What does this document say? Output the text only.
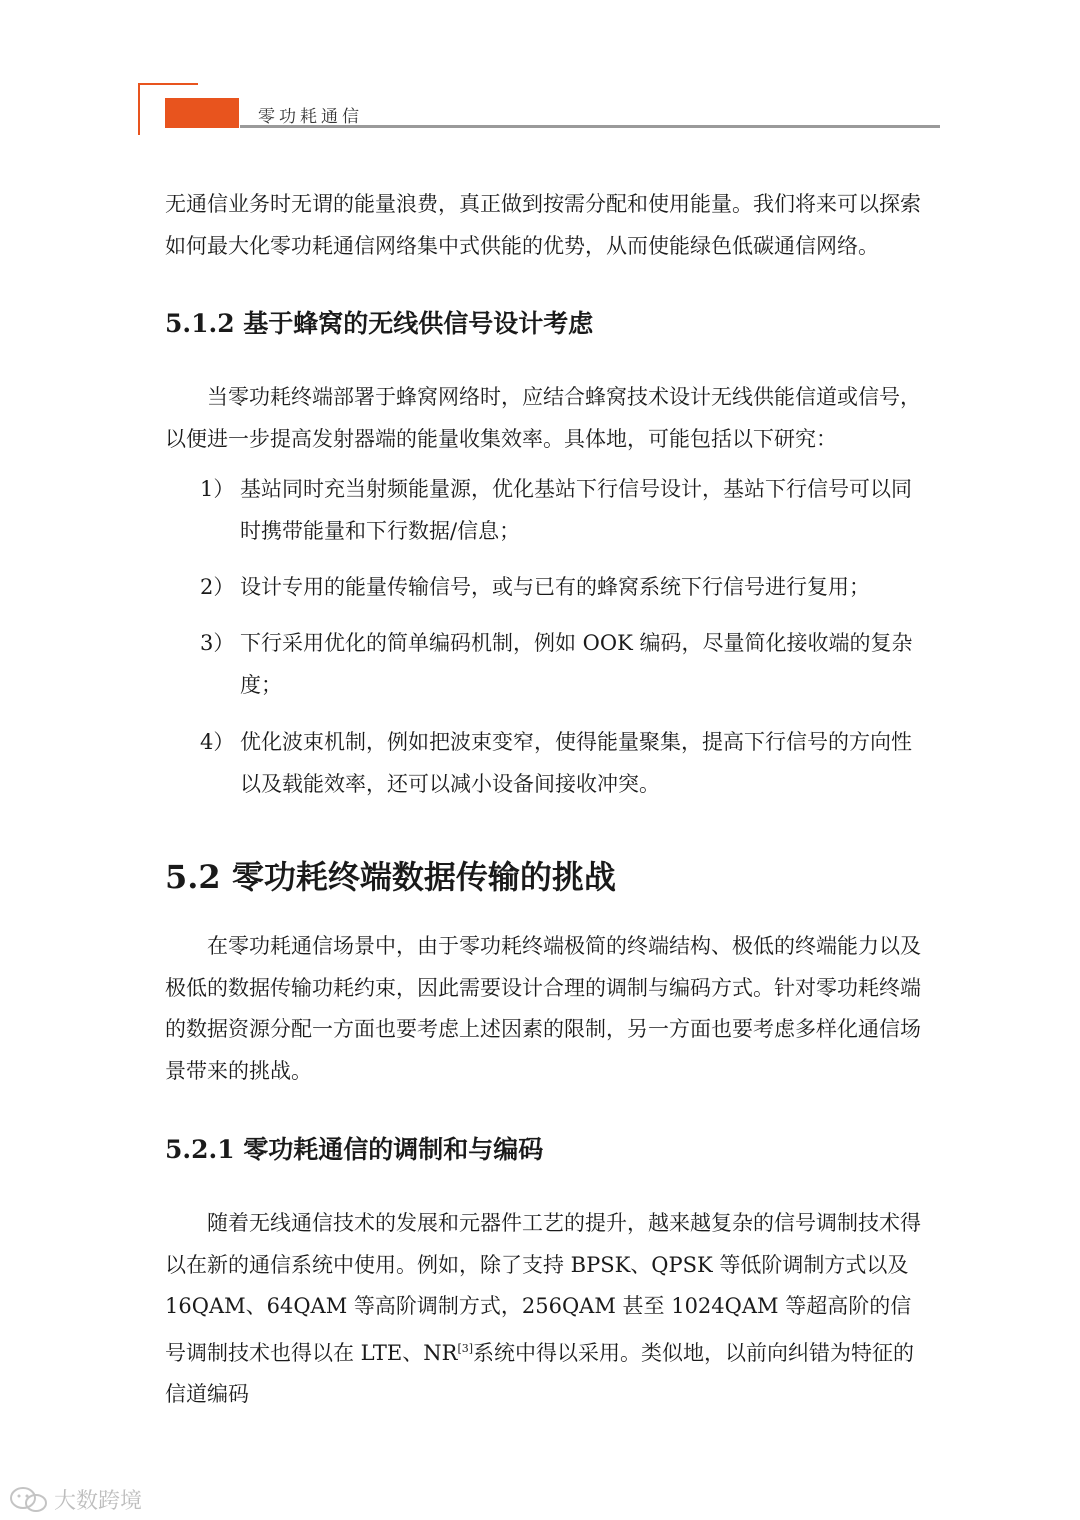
零功耗通信

无通信业务时无谓的能量浪费，真正做到按需分配和使用能量。我们将来可以探索如何最大化零功耗通信网络集中式供能的优势，从而使能绿色低碳通信网络。

5.1.2 基于蜂窝的无线供信号设计考虑

当零功耗终端部署于蜂窝网络时，应结合蜂窝技术设计无线供能信道或信号，以便进一步提高发射器端的能量收集效率。具体地，可能包括以下研究：

1） 基站同时充当射频能量源，优化基站下行信号设计，基站下行信号可以同时携带能量和下行数据/信息；
2） 设计专用的能量传输信号，或与已有的蜂窝系统下行信号进行复用；
3） 下行采用优化的简单编码机制，例如 OOK 编码，尽量简化接收端的复杂度；
4） 优化波束机制，例如把波束变窄，使得能量聚集，提高下行信号的方向性以及载能效率，还可以减小设备间接收冲突。
5.2 零功耗终端数据传输的挑战

在零功耗通信场景中，由于零功耗终端极简的终端结构、极低的终端能力以及极低的数据传输功耗约束，因此需要设计合理的调制与编码方式。针对零功耗终端的数据资源分配一方面也要考虑上述因素的限制，另一方面也要考虑多样化通信场景带来的挑战。

5.2.1 零功耗通信的调制和与编码

随着无线通信技术的发展和元器件工艺的提升，越来越复杂的信号调制技术得以在新的通信系统中使用。例如，除了支持 BPSK、QPSK 等低阶调制方式以及 16QAM、64QAM 等高阶调制方式，256QAM 甚至 1024QAM 等超高阶的信号调制技术也得以在 LTE、NR[3]系统中得以采用。类似地，以前向纠错为特征的信道编码

大数跨境
